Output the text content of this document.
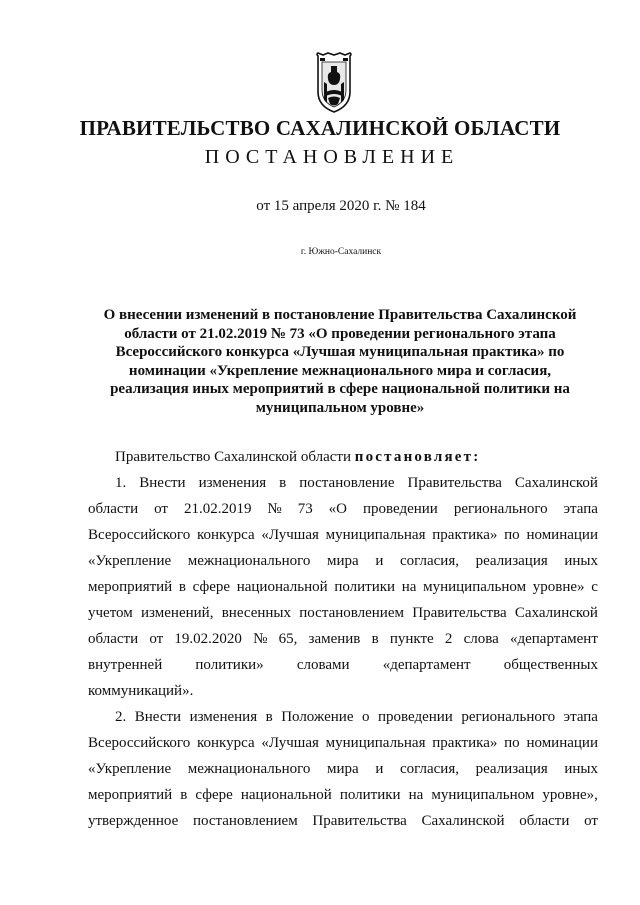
ПРАВИТЕЛЬСТВО САХАЛИНСКОЙ ОБЛАСТИ
ПОСТАНОВЛЕНИЕ
от 15 апреля 2020 г. № 184
г. Южно-Сахалинск
О внесении изменений в постановление Правительства Сахалинской
области от 21.02.2019 № 73 «О проведении регионального этапа
Всероссийского конкурса «Лучшая муниципальная практика» по
номинации «Укрепление межнационального мира и согласия,
реализация иных мероприятий в сфере национальной политики на
муниципальном уровне»
Правительство Сахалинской области постановляет:
1. Внести изменения в постановление Правительства Сахалинской
области от 21.02.2019 № 73 «О проведении регионального этапа
Всероссийского конкурса «Лучшая муниципальная практика» по номинации
«Укрепление межнационального мира и согласия, реализация иных
мероприятий в сфере национальной политики на муниципальном уровне» с
учетом изменений, внесенных постановлением Правительства Сахалинской
области от 19.02.2020 № 65, заменив в пункте 2 слова «департамент
внутренней политики» словами «департамент общественных
коммуникаций».
2. Внести изменения в Положение о проведении регионального этапа
Всероссийского конкурса «Лучшая муниципальная практика» по номинации
«Укрепление межнационального мира и согласия, реализация иных
мероприятий в сфере национальной политики на муниципальном уровне»,
утвержденное постановлением Правительства Сахалинской области от
